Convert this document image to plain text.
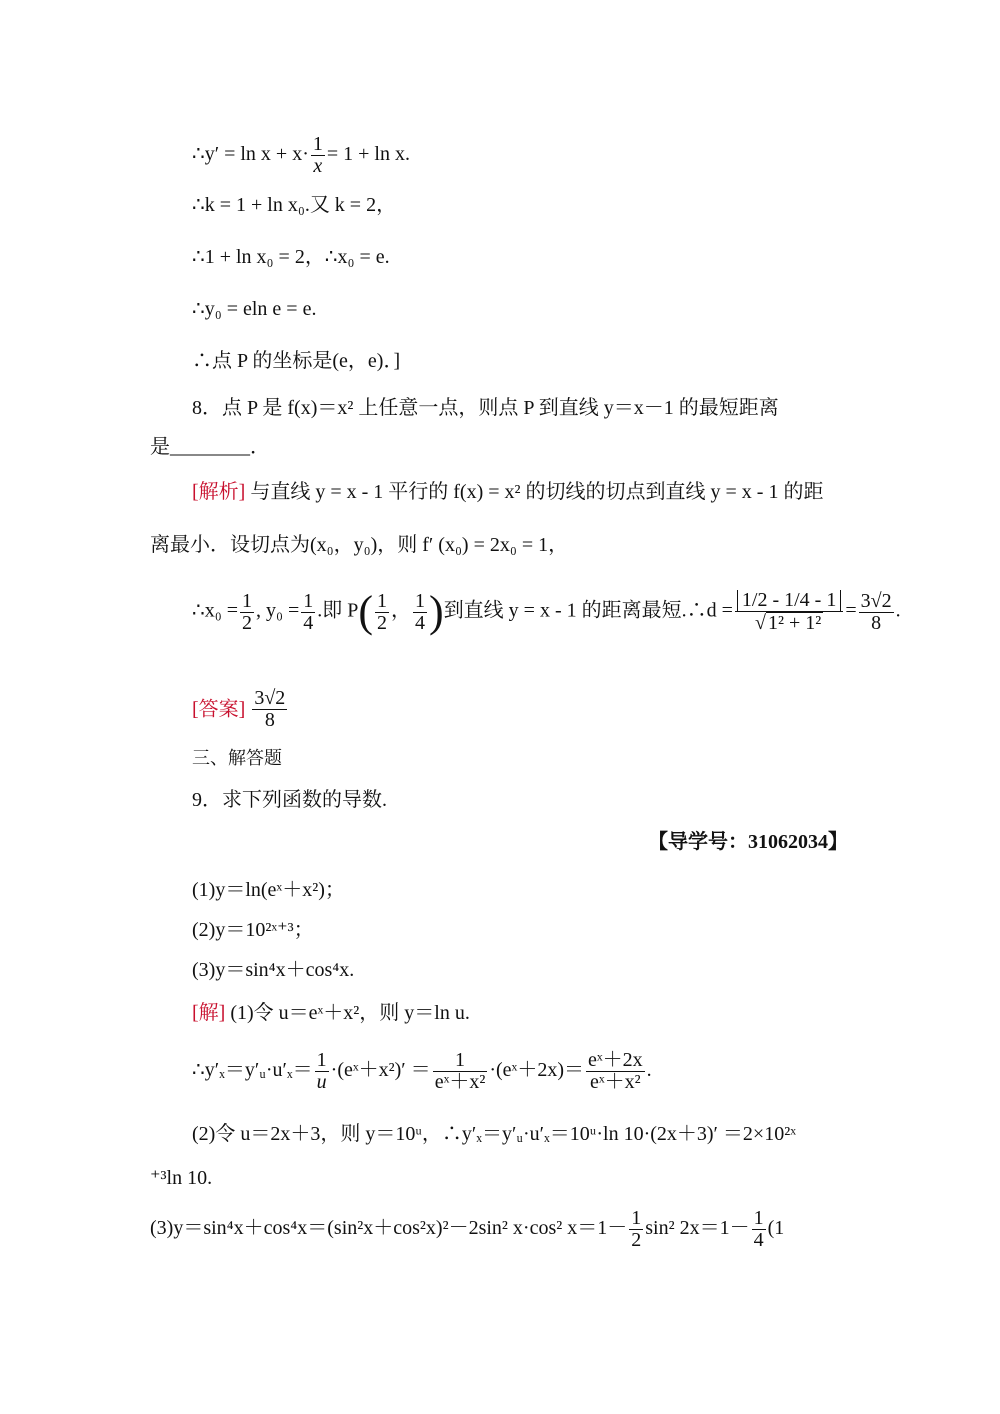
∴y′ = $\ln x + x\cdot \frac{1}{x} = 1 + \ln x$.
∴k = 1 + ln x₀.又 k = 2，
∴1 + ln x₀ = 2，∴x₀ = e.
∴y₀ = eln e = e.
∴点 P 的坐标是(e，e)．]
8．点 P 是 f(x)＝x² 上任意一点，则点 P 到直线 y＝x－1 的最短距离
是________．
[解析] 与直线 y = x - 1 平行的 f(x) = x² 的切线的切点到直线 y = x - 1 的距
离最小．设切点为(x₀，y₀)，则 f′ (x₀) = 2x₀ = 1，
∴x₀ = $\frac{1}{2}$ , $y_0 = \frac{1}{4}$ .即 $P( \frac{1}{2}$ ， $\frac{1}{4}$ )到直线 y = x - 1 的距离最短.∴d = $\frac{1/2 - 1/4 - 1}{\text{√ 1² + 1²}} = \frac{3√2}{8}$ .
[答案] $\frac{3√2}{8}$
三、解答题
9．求下列函数的导数.
【导学号：31062034】
(1)y＝ln(eˣ＋x²)；
(2)y＝10²ˣ⁺³；
(3)y＝sin⁴x＋cos⁴x.
[解] (1)令 u＝eˣ＋x²，则 y＝ln u.
∴y′ₓ＝y′ᵤ·u′ₓ＝ $\frac{1}{u}$ ·(eˣ＋x²)′ ＝ $\frac{1}{\text{eˣ＋x²}}$ ·(eˣ＋2x)＝ $\frac{\text{eˣ＋2x}}{\text{eˣ＋x²}}$ .
(2)令 u＝2x＋3，则 y＝10ᵘ，∴y′ₓ＝y′ᵤ·u′ₓ＝10ᵘ·ln 10·(2x＋3)′ ＝2×10²ˣ
⁺³ln 10.
(3)y＝sin⁴x＋cos⁴x＝(sin²x＋cos²x)²－2sin² x·cos² $x=1- \frac{1}{2} \sin^2$ $2x=1- \frac{1}{4} (1$
